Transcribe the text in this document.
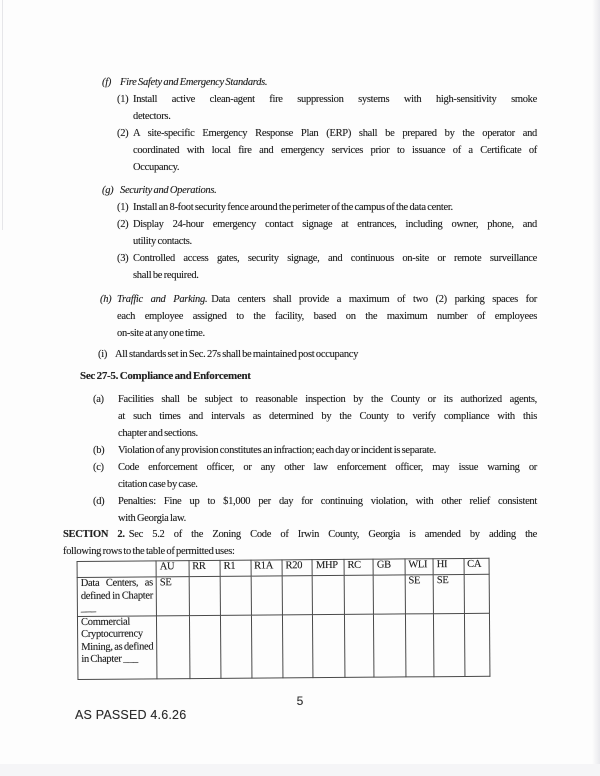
(f) Fire Safety and Emergency Standards.
(1) Install active clean-agent fire suppression systems with high-sensitivity smoke
detectors.
(2) A site-specific Emergency Response Plan (ERP) shall be prepared by the operator and
coordinated with local fire and emergency services prior to issuance of a Certificate of
Occupancy.
(g) Security and Operations.
(1) Install an 8-foot security fence around the perimeter of the campus of the data center.
(2) Display 24-hour emergency contact signage at entrances, including owner, phone, and
utility contacts.
(3) Controlled access gates, security signage, and continuous on-site or remote surveillance
shall be required.
(h) Traffic and Parking. Data centers shall provide a maximum of two (2) parking spaces for
each employee assigned to the facility, based on the maximum number of employees
on-site at any one time.
(i) All standards set in Sec. 27s shall be maintained post occupancy
Sec 27-5. Compliance and Enforcement
(a) Facilities shall be subject to reasonable inspection by the County or its authorized agents,
at such times and intervals as determined by the County to verify compliance with this
chapter and sections.
(b) Violation of any provision constitutes an infraction; each day or incident is separate.
(c) Code enforcement officer, or any other law enforcement officer, may issue warning or
citation case by case.
(d) Penalties: Fine up to $1,000 per day for continuing violation, with other relief consistent
with Georgia law.
SECTION 2. Sec 5.2 of the Zoning Code of Irwin County, Georgia is amended by adding the
following rows to the table of permitted uses:
	AU	RR	R1	R1A	R20	MHP	RC	GB	WLI	HI	CA
Data Centers, as defined in Chapter ___	SE								SE	SE	
Commercial Cryptocurrency Mining, as defined in Chapter ___											
5
AS PASSED 4.6.26
